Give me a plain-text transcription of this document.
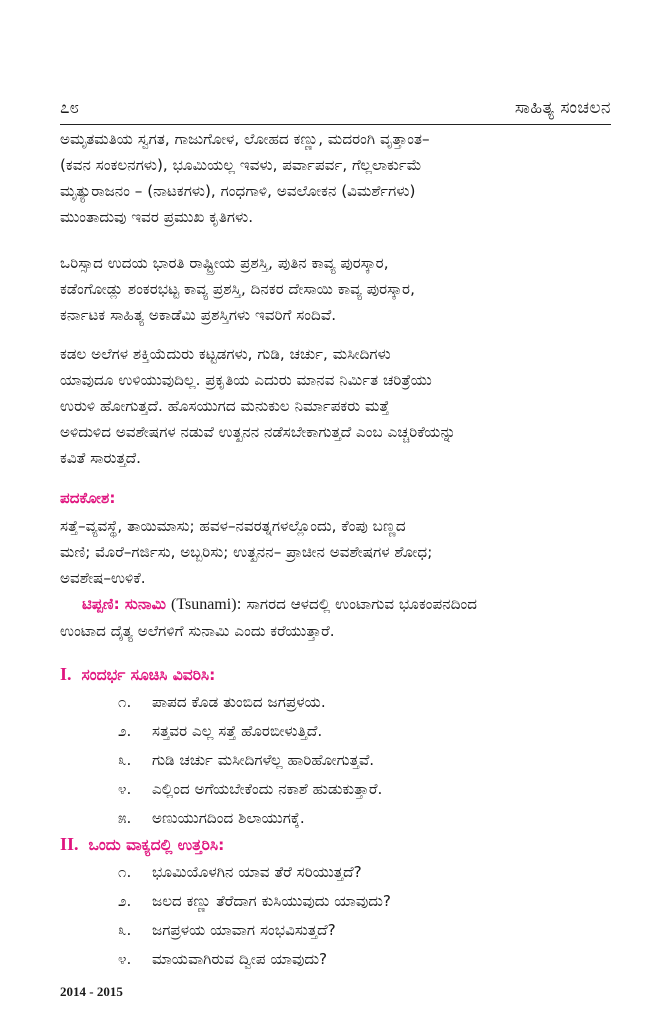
೭೮	ಸಾಹಿತ್ಯ ಸಂಚಲನ
ಅಮೃತಮತಿಯ ಸ್ವಗತ, ಗಾಜುಗೋಳ, ಲೋಹದ ಕಣ್ಣು, ಮದರಂಗಿ ವೃತ್ತಾಂತ–
(ಕವನ ಸಂಕಲನಗಳು), ಭೂಮಿಯಲ್ಲ ಇವಳು, ಪರ್ವಾಪರ್ವ, ಗೆಲ್ಲಲಾರ್ಕುಮೆ
ಮೃತ್ಯುರಾಜನಂ – (ನಾಟಕಗಳು), ಗಂಧಗಾಳಿ, ಅವಲೋಕನ (ವಿಮರ್ಶೆಗಳು)
ಮುಂತಾದುವು ಇವರ ಪ್ರಮುಖ ಕೃತಿಗಳು.
ಒರಿಸ್ಸಾದ ಉದಯ ಭಾರತಿ ರಾಷ್ಟ್ರೀಯ ಪ್ರಶಸ್ತಿ, ಪುತಿನ ಕಾವ್ಯ ಪುರಸ್ಕಾರ,
ಕಡೆಂಗೋಡ್ಲು ಶಂಕರಭಟ್ಟ ಕಾವ್ಯ ಪ್ರಶಸ್ತಿ, ದಿನಕರ ದೇಸಾಯಿ ಕಾವ್ಯ ಪುರಸ್ಕಾರ,
ಕರ್ನಾಟಕ ಸಾಹಿತ್ಯ ಅಕಾಡೆಮಿ ಪ್ರಶಸ್ತಿಗಳು ಇವರಿಗೆ ಸಂದಿವೆ.
ಕಡಲ ಅಲೆಗಳ ಶಕ್ತಿಯೆದುರು ಕಟ್ಟಡಗಳು, ಗುಡಿ, ಚರ್ಚು, ಮಸೀದಿಗಳು
ಯಾವುದೂ ಉಳಿಯುವುದಿಲ್ಲ. ಪ್ರಕೃತಿಯ ಎದುರು ಮಾನವ ನಿರ್ಮಿತ ಚರಿತ್ರೆಯು
ಉರುಳಿ ಹೋಗುತ್ತದೆ. ಹೊಸಯುಗದ ಮನುಕುಲ ನಿರ್ಮಾಪಕರು ಮತ್ತೆ
ಅಳಿದುಳಿದ ಅವಶೇಷಗಳ ನಡುವೆ ಉತ್ಖನನ ನಡೆಸಬೇಕಾಗುತ್ತದೆ ಎಂಬ ಎಚ್ಚರಿಕೆಯನ್ನು
ಕವಿತೆ ಸಾರುತ್ತದೆ.
ಪದಕೋಶ:
ಸತ್ತೆ–ವ್ಯವಸ್ಥೆ, ತಾಯಿಮಾಸು; ಹವಳ–ನವರತ್ನಗಳಲ್ಲೊಂದು, ಕೆಂಪು ಬಣ್ಣದ
ಮಣಿ; ಮೊರೆ–ಗರ್ಜಿಸು, ಅಬ್ಬರಿಸು; ಉತ್ಖನನ– ಪ್ರಾಚೀನ ಅವಶೇಷಗಳ ಶೋಧ;
ಅವಶೇಷ–ಉಳಿಕೆ.
ಟಿಪ್ಪಣಿ: ಸುನಾಮಿ (Tsunami): ಸಾಗರದ ಆಳದಲ್ಲಿ ಉಂಟಾಗುವ ಭೂಕಂಪನದಿಂದ
ಉಂಟಾದ ದೈತ್ಯ ಅಲೆಗಳಿಗೆ ಸುನಾಮಿ ಎಂದು ಕರೆಯುತ್ತಾರೆ.
I. ಸಂದರ್ಭ ಸೂಚಿಸಿ ವಿವರಿಸಿ:
೧. ಪಾಪದ ಕೊಡ ತುಂಬಿದ ಜಗಪ್ರಳಯ.
೨. ಸತ್ತವರ ಎಲ್ಲ ಸತ್ತೆ ಹೊರಬೀಳುತ್ತಿದೆ.
೩. ಗುಡಿ ಚರ್ಚು ಮಸೀದಿಗಳೆಲ್ಲ ಹಾರಿಹೋಗುತ್ತವೆ.
೪. ಎಲ್ಲಿಂದ ಅಗೆಯಬೇಕೆಂದು ನಕಾಶೆ ಹುಡುಕುತ್ತಾರೆ.
೫. ಅಣುಯುಗದಿಂದ ಶಿಲಾಯುಗಕ್ಕೆ.
II. ಒಂದು ವಾಕ್ಯದಲ್ಲಿ ಉತ್ತರಿಸಿ:
೧. ಭೂಮಿಯೊಳಗಿನ ಯಾವ ತೆರೆ ಸರಿಯುತ್ತದೆ?
೨. ಜಲದ ಕಣ್ಣು ತೆರೆದಾಗ ಕುಸಿಯುವುದು ಯಾವುದು?
೩. ಜಗಪ್ರಳಯ ಯಾವಾಗ ಸಂಭವಿಸುತ್ತದೆ?
೪. ಮಾಯವಾಗಿರುವ ದ್ವೀಪ ಯಾವುದು?
2014 - 2015
